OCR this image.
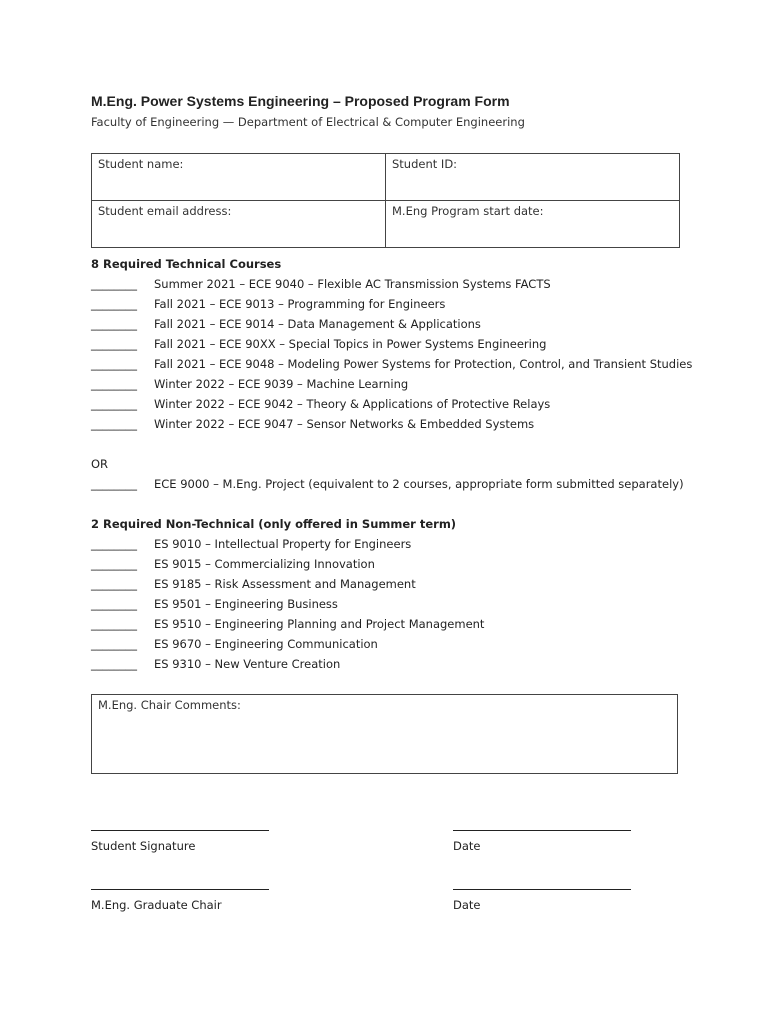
M.Eng. Power Systems Engineering – Proposed Program Form
Faculty of Engineering — Department of Electrical & Computer Engineering
Student name:	Student ID:
Student email address:	M.Eng Program start date:
8 Required Technical Courses
________ Summer 2021 – ECE 9040 – Flexible AC Transmission Systems FACTS
________ Fall 2021 – ECE 9013 – Programming for Engineers
________ Fall 2021 – ECE 9014 – Data Management & Applications
________ Fall 2021 – ECE 90XX – Special Topics in Power Systems Engineering
________ Fall 2021 – ECE 9048 – Modeling Power Systems for Protection, Control, and Transient Studies
________ Winter 2022 – ECE 9039 – Machine Learning
________ Winter 2022 – ECE 9042 – Theory & Applications of Protective Relays
________ Winter 2022 – ECE 9047 – Sensor Networks & Embedded Systems
OR
________ ECE 9000 – M.Eng. Project (equivalent to 2 courses, appropriate form submitted separately)
2 Required Non-Technical (only offered in Summer term)
________ ES 9010 – Intellectual Property for Engineers
________ ES 9015 – Commercializing Innovation
________ ES 9185 – Risk Assessment and Management
________ ES 9501 – Engineering Business
________ ES 9510 – Engineering Planning and Project Management
________ ES 9670 – Engineering Communication
________ ES 9310 – New Venture Creation
M.Eng. Chair Comments:
Student Signature	Date
M.Eng. Graduate Chair	Date
